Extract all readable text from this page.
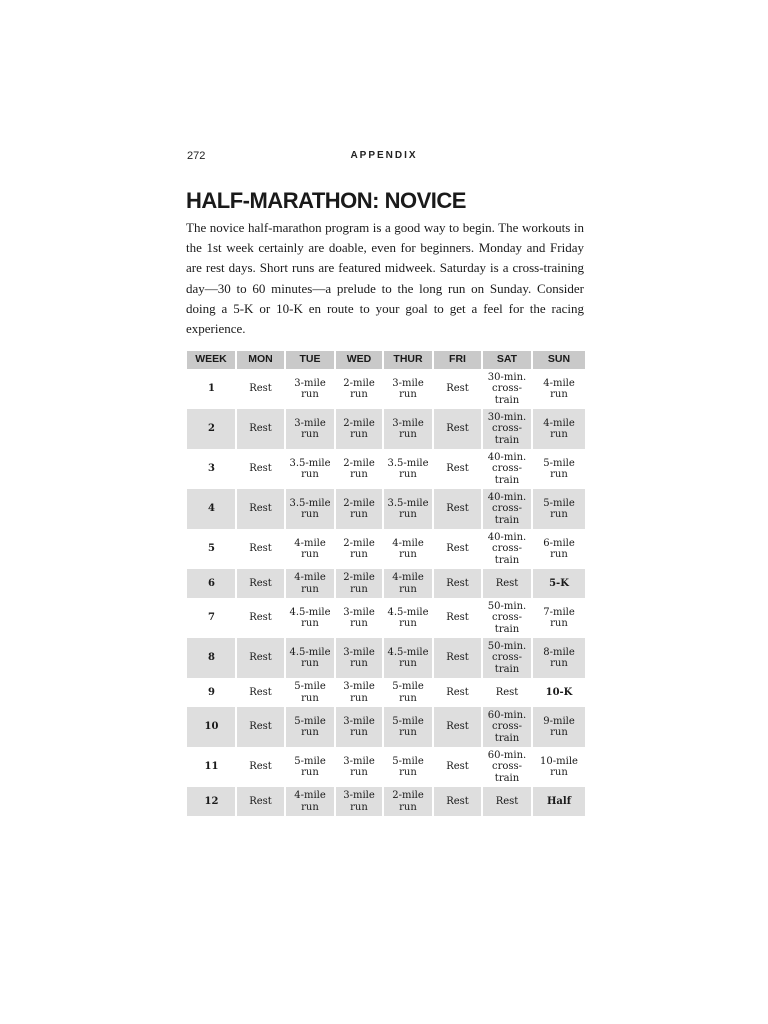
272	APPENDIX
HALF-MARATHON: NOVICE

The novice half-marathon program is a good way to begin. The workouts in the 1st week certainly are doable, even for beginners. Monday and Friday are rest days. Short runs are featured midweek. Saturday is a cross-training day—30 to 60 minutes—a prelude to the long run on Sunday. Consider doing a 5-K or 10-K en route to your goal to get a feel for the racing experience.

WEEK	MON	TUE	WED	THUR	FRI	SAT	SUN
1	Rest	3-mile run	2-mile run	3-mile run	Rest	30-min. cross-train	4-mile run
2	Rest	3-mile run	2-mile run	3-mile run	Rest	30-min. cross-train	4-mile run
3	Rest	3.5-mile run	2-mile run	3.5-mile run	Rest	40-min. cross-train	5-mile run
4	Rest	3.5-mile run	2-mile run	3.5-mile run	Rest	40-min. cross-train	5-mile run
5	Rest	4-mile run	2-mile run	4-mile run	Rest	40-min. cross-train	6-mile run
6	Rest	4-mile run	2-mile run	4-mile run	Rest	Rest	5-K
7	Rest	4.5-mile run	3-mile run	4.5-mile run	Rest	50-min. cross-train	7-mile run
8	Rest	4.5-mile run	3-mile run	4.5-mile run	Rest	50-min. cross-train	8-mile run
9	Rest	5-mile run	3-mile run	5-mile run	Rest	Rest	10-K
10	Rest	5-mile run	3-mile run	5-mile run	Rest	60-min. cross-train	9-mile run
11	Rest	5-mile run	3-mile run	5-mile run	Rest	60-min. cross-train	10-mile run
12	Rest	4-mile run	3-mile run	2-mile run	Rest	Rest	Half
